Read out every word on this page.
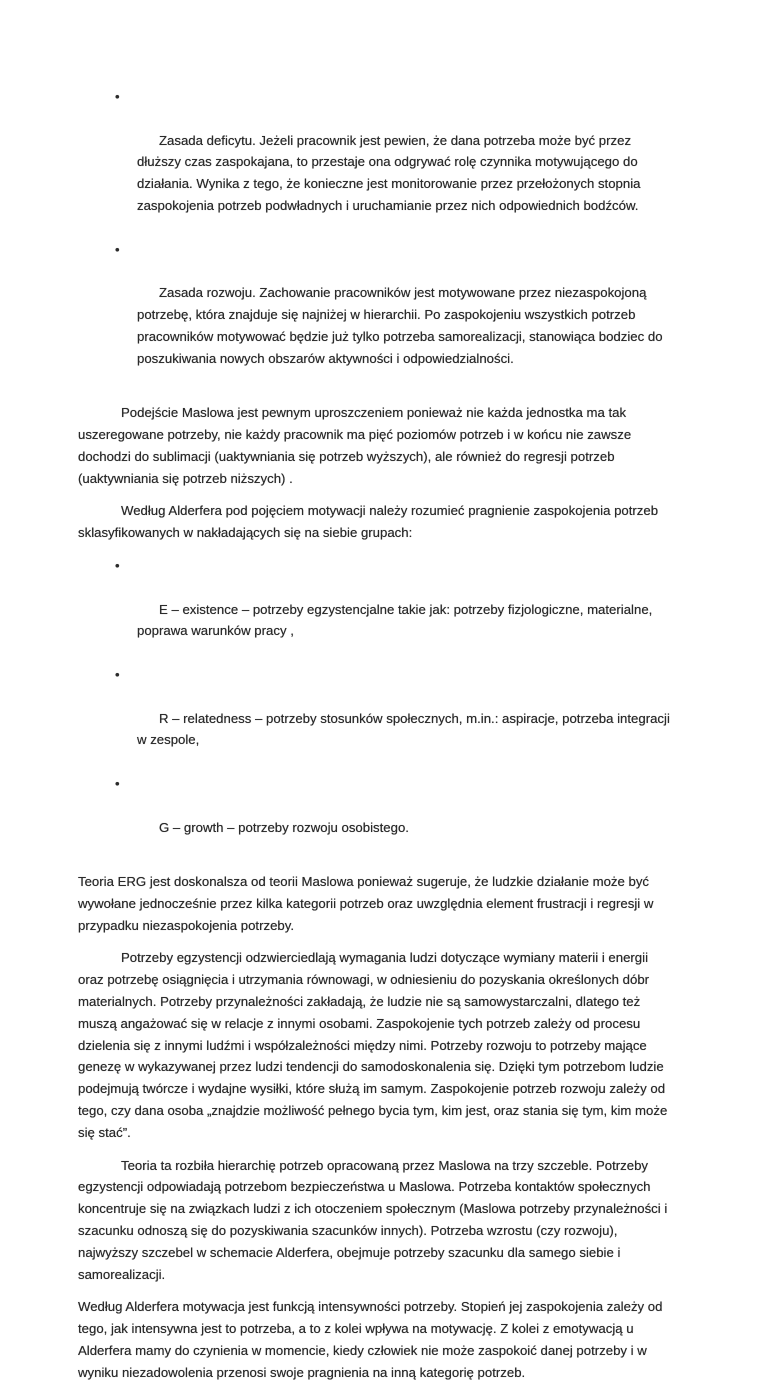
•

Zasada deficytu. Jeżeli pracownik jest pewien, że dana potrzeba może być przez dłuższy czas zaspokajana, to przestaje ona odgrywać rolę czynnika motywującego do działania. Wynika z tego, że konieczne jest monitorowanie przez przełożonych stopnia zaspokojenia potrzeb podwładnych i uruchamianie przez nich odpowiednich bodźców.

•

Zasada rozwoju. Zachowanie pracowników jest motywowane przez niezaspokojoną potrzebę, która znajduje się najniżej w hierarchii. Po zaspokojeniu wszystkich potrzeb pracowników motywować będzie już tylko potrzeba samorealizacji, stanowiąca bodziec do poszukiwania nowych obszarów aktywności i odpowiedzialności.

Podejście Maslowa jest pewnym uproszczeniem ponieważ nie każda jednostka ma tak uszeregowane potrzeby, nie każdy pracownik ma pięć poziomów potrzeb i w końcu nie zawsze dochodzi do sublimacji (uaktywniania się potrzeb wyższych), ale również do regresji potrzeb (uaktywniania się potrzeb niższych) .

Według Alderfera pod pojęciem motywacji należy rozumieć pragnienie zaspokojenia potrzeb sklasyfikowanych w nakładających się na siebie grupach:

•

E – existence – potrzeby egzystencjalne takie jak: potrzeby fizjologiczne, materialne, poprawa warunków pracy ,

•

R – relatedness – potrzeby stosunków społecznych, m.in.: aspiracje, potrzeba integracji  w zespole,

•

G – growth – potrzeby rozwoju osobistego.

Teoria ERG jest doskonalsza od teorii Maslowa ponieważ sugeruje, że ludzkie działanie może być wywołane jednocześnie przez kilka kategorii potrzeb oraz uwzględnia element frustracji i regresji w przypadku niezaspokojenia potrzeby.

Potrzeby egzystencji odzwierciedlają wymagania ludzi dotyczące wymiany materii i energii oraz potrzebę osiągnięcia i utrzymania równowagi, w odniesieniu do pozyskania określonych dóbr materialnych. Potrzeby przynależności zakładają, że ludzie nie są samowystarczalni, dlatego też muszą angażować się w relacje z innymi osobami. Zaspokojenie tych potrzeb zależy od procesu dzielenia się z innymi ludźmi i współzależności między nimi. Potrzeby rozwoju to potrzeby mające genezę w wykazywanej przez ludzi tendencji do samodoskonalenia się. Dzięki tym potrzebom ludzie podejmują twórcze i wydajne wysiłki, które służą im samym. Zaspokojenie potrzeb rozwoju zależy od tego, czy dana osoba „znajdzie możliwość pełnego bycia tym, kim jest, oraz stania się tym, kim może się stać”.

Teoria ta rozbiła hierarchię potrzeb opracowaną przez Maslowa na trzy szczeble. Potrzeby egzystencji odpowiadają potrzebom bezpieczeństwa u Maslowa. Potrzeba kontaktów społecznych koncentruje się na związkach ludzi z ich otoczeniem społecznym (Maslowa potrzeby przynależności i szacunku odnoszą się do pozyskiwania szacunków innych). Potrzeba wzrostu (czy rozwoju), najwyższy szczebel w schemacie Alderfera, obejmuje potrzeby szacunku dla samego siebie i samorealizacji.

Według Alderfera motywacja jest funkcją intensywności potrzeby. Stopień jej zaspokojenia zależy od tego, jak intensywna jest to potrzeba, a to z kolei wpływa na motywację. Z kolei z emotywacją u Alderfera mamy do czynienia w momencie, kiedy człowiek nie może zaspokoić danej potrzeby i w wyniku niezadowolenia przenosi swoje pragnienia na inną kategorię potrzeb.
